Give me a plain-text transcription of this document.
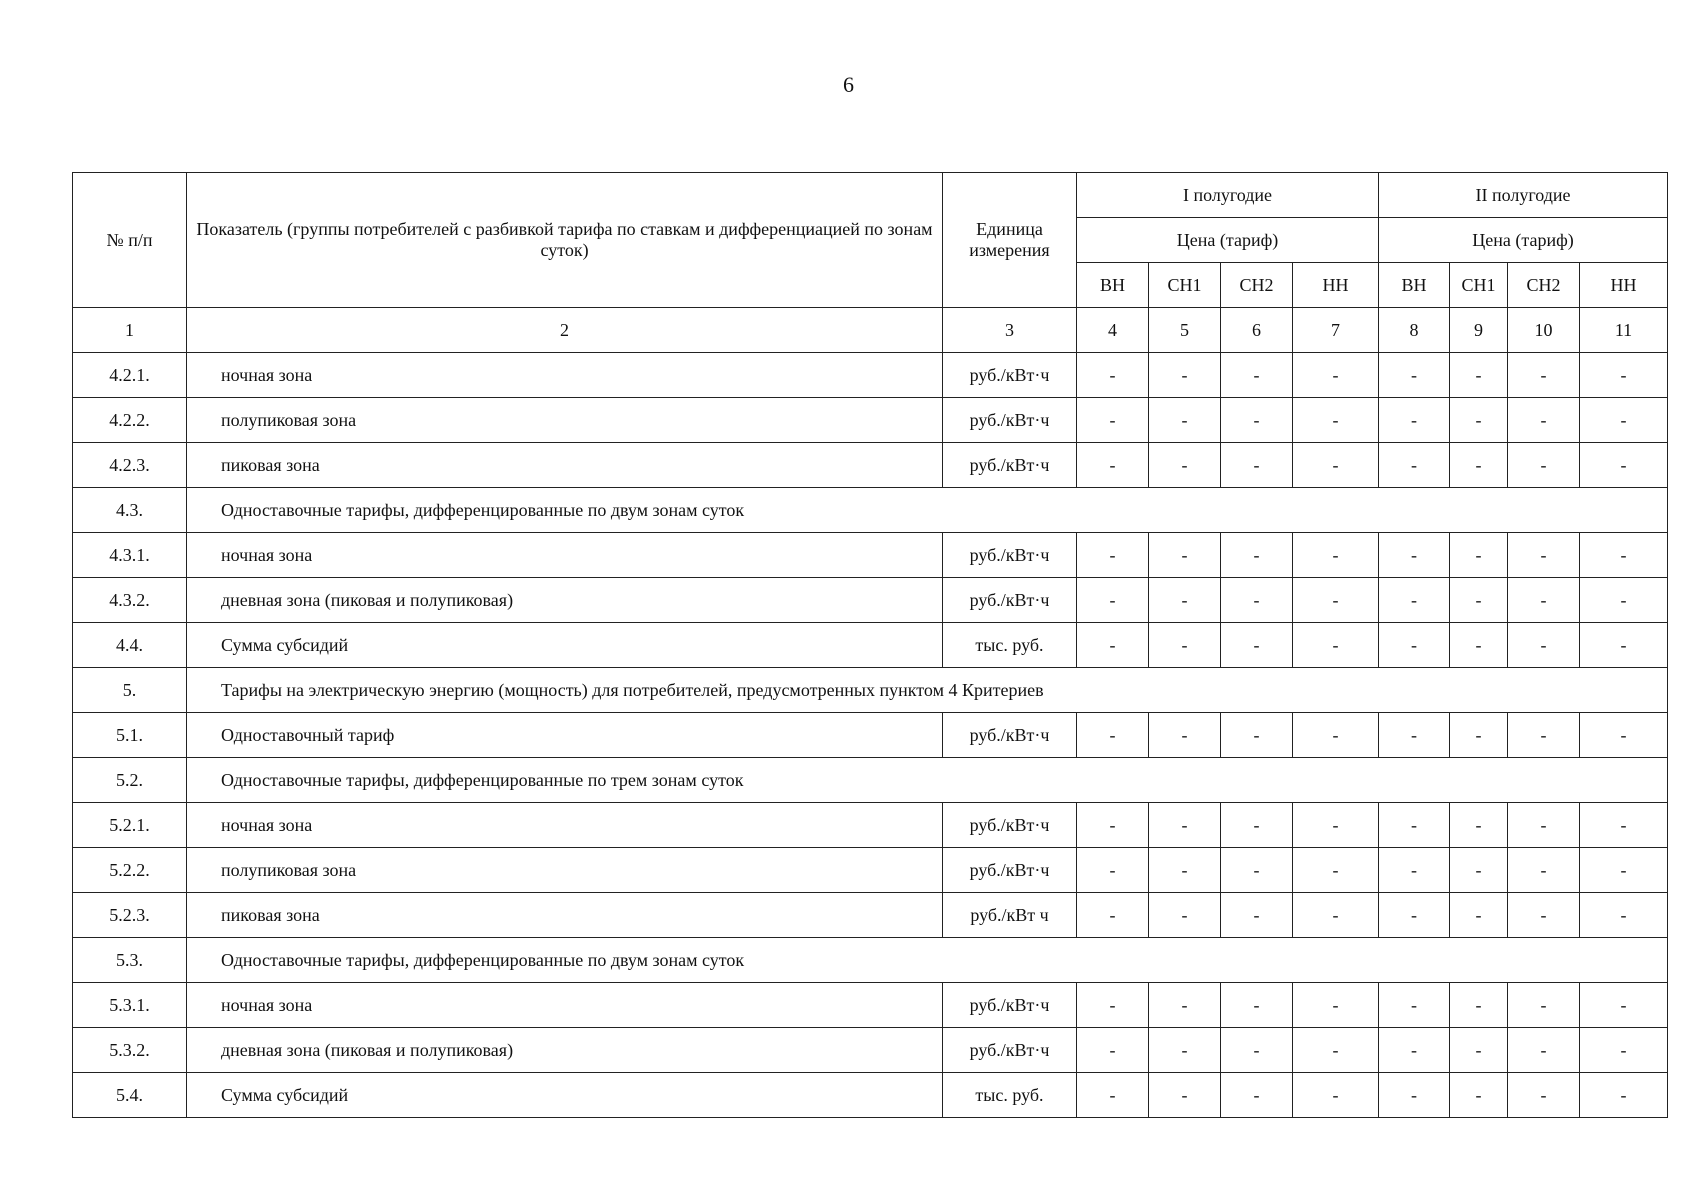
6
№ п/п	Показатель (группы потребителей с разбивкой тарифа по ставкам и дифференциацией по зонам суток)	Единица измерения	I полугодие				II полугодие			
			Цена (тариф)				Цена (тариф)			
			ВН	СН1	СН2	НН	ВН	СН1	СН2	НН
1	2	3	4	5	6	7	8	9	10	11
4.2.1.	ночная зона	руб./кВт·ч	-	-	-	-	-	-	-	-
4.2.2.	полупиковая зона	руб./кВт·ч	-	-	-	-	-	-	-	-
4.2.3.	пиковая зона	руб./кВт·ч	-	-	-	-	-	-	-	-
4.3.	Одноставочные тарифы, дифференцированные по двум зонам суток									
4.3.1.	ночная зона	руб./кВт·ч	-	-	-	-	-	-	-	-
4.3.2.	дневная зона (пиковая и полупиковая)	руб./кВт·ч	-	-	-	-	-	-	-	-
4.4.	Сумма субсидий	тыс. руб.	-	-	-	-	-	-	-	-
5.	Тарифы на электрическую энергию (мощность) для потребителей, предусмотренных пунктом 4 Критериев									
5.1.	Одноставочный тариф	руб./кВт·ч	-	-	-	-	-	-	-	-
5.2.	Одноставочные тарифы, дифференцированные по трем зонам суток									
5.2.1.	ночная зона	руб./кВт·ч	-	-	-	-	-	-	-	-
5.2.2.	полупиковая зона	руб./кВт·ч	-	-	-	-	-	-	-	-
5.2.3.	пиковая зона	руб./кВт ч	-	-	-	-	-	-	-	-
5.3.	Одноставочные тарифы, дифференцированные по двум зонам суток									
5.3.1.	ночная зона	руб./кВт·ч	-	-	-	-	-	-	-	-
5.3.2.	дневная зона (пиковая и полупиковая)	руб./кВт·ч	-	-	-	-	-	-	-	-
5.4.	Сумма субсидий	тыс. руб.	-	-	-	-	-	-	-	-
